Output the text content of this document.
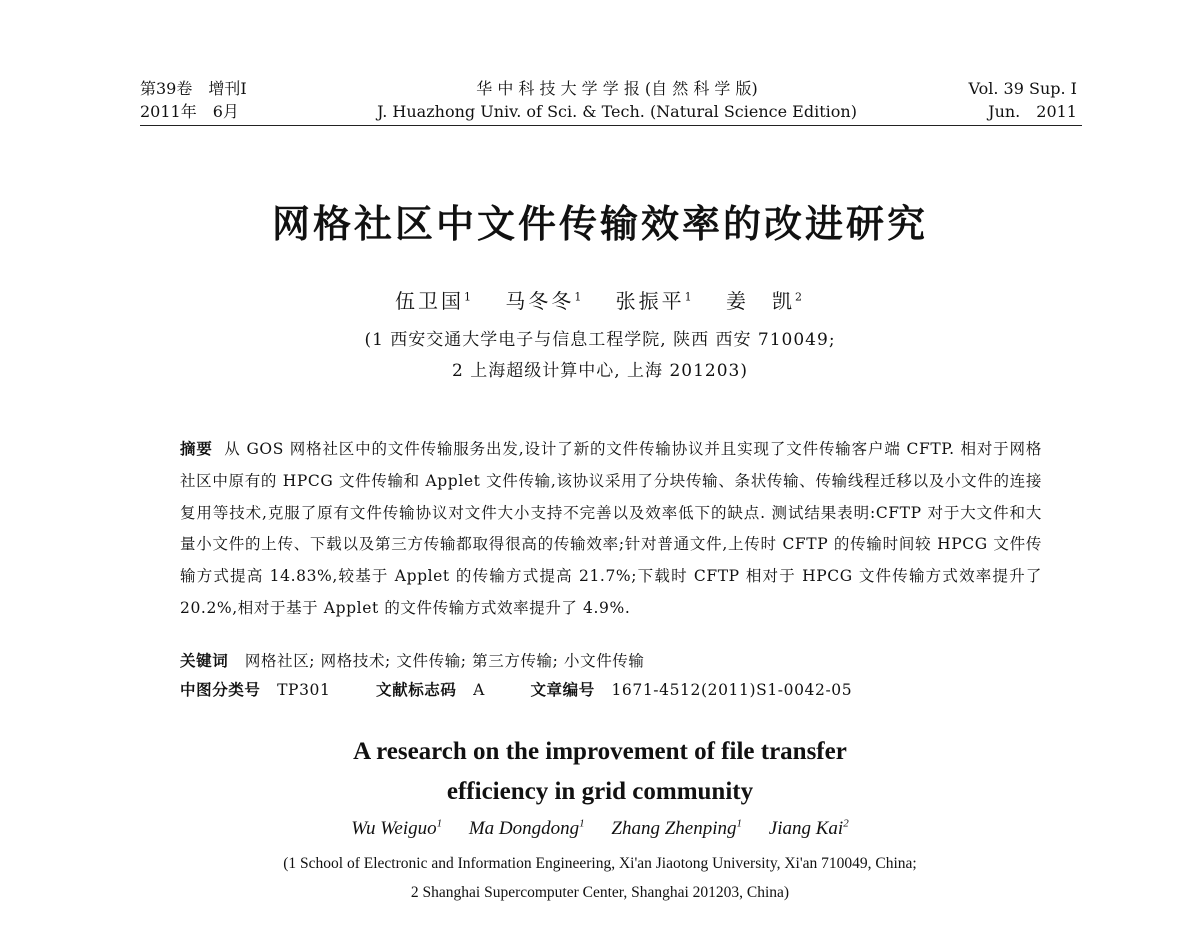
第39卷　增刊Ⅰ
2011年　6月
华 中 科 技 大 学 学 报 (自 然 科 学 版)
J. Huazhong Univ. of Sci. & Tech. (Natural Science Edition)
Vol. 39 Sup. Ⅰ
Jun.　2011
网格社区中文件传输效率的改进研究
伍卫国$^1$ 马冬冬$^1$ 张振平$^1$ 姜　凯$^2$
(1 西安交通大学电子与信息工程学院, 陕西 西安 710049;
2 上海超级计算中心, 上海 201203)
摘要 从 GOS 网格社区中的文件传输服务出发,设计了新的文件传输协议并且实现了文件传输客户端 CFTP. 相对于网格社区中原有的 HPCG 文件传输和 Applet 文件传输,该协议采用了分块传输、条状传输、传输线程迁移以及小文件的连接复用等技术,克服了原有文件传输协议对文件大小支持不完善以及效率低下的缺点. 测试结果表明:CFTP 对于大文件和大量小文件的上传、下载以及第三方传输都取得很高的传输效率;针对普通文件,上传时 CFTP 的传输时间较 HPCG 文件传输方式提高 14.83%,较基于 Applet 的传输方式提高 21.7%;下载时 CFTP 相对于 HPCG 文件传输方式效率提升了 20.2%,相对于基于 Applet 的文件传输方式效率提升了 4.9%.
关键词 网格社区; 网格技术; 文件传输; 第三方传输; 小文件传输
中图分类号 TP301	文献标志码 A	文章编号 1671-4512(2011)S1-0042-05
A research on the improvement of file transfer
efficiency in grid community
Wu Weiguo$^1$ Ma Dongdong$^1$ Zhang Zhenping$^1$ Jiang Kai$^2$
(1 School of Electronic and Information Engineering, Xi'an Jiaotong University, Xi'an 710049, China;
2 Shanghai Supercomputer Center, Shanghai 201203, China)
